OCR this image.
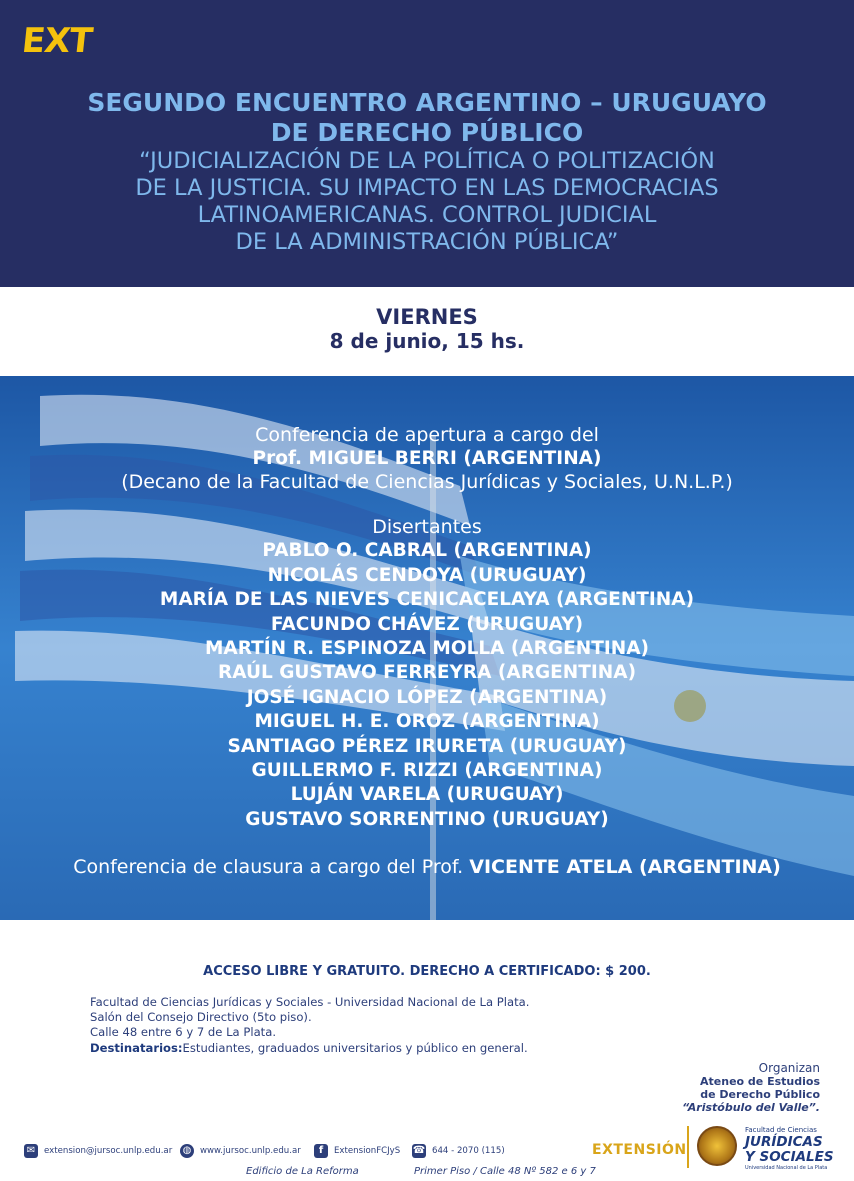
EXT
SEGUNDO ENCUENTRO ARGENTINO – URUGUAYO
DE DERECHO PÚBLICO
“JUDICIALIZACIÓN DE LA POLÍTICA O POLITIZACIÓN
DE LA JUSTICIA. SU IMPACTO EN LAS DEMOCRACIAS
LATINOAMERICANAS. CONTROL JUDICIAL
DE LA ADMINISTRACIÓN PÚBLICA”
VIERNES
8 de junio, 15 hs.
Conferencia de apertura a cargo del
Prof. MIGUEL BERRI (ARGENTINA)
(Decano de la Facultad de Ciencias Jurídicas y Sociales, U.N.L.P.)
Disertantes
PABLO O. CABRAL (ARGENTINA)
NICOLÁS CENDOYA (URUGUAY)
MARÍA DE LAS NIEVES CENICACELAYA (ARGENTINA)
FACUNDO CHÁVEZ (URUGUAY)
MARTÍN R. ESPINOZA MOLLA (ARGENTINA)
RAÚL GUSTAVO FERREYRA (ARGENTINA)
JOSÉ IGNACIO LÓPEZ (ARGENTINA)
MIGUEL H. E. OROZ (ARGENTINA)
SANTIAGO PÉREZ IRURETA (URUGUAY)
GUILLERMO F. RIZZI (ARGENTINA)
LUJÁN VARELA (URUGUAY)
GUSTAVO SORRENTINO (URUGUAY)
Conferencia de clausura a cargo del Prof. VICENTE ATELA (ARGENTINA)
ACCESO LIBRE Y GRATUITO. DERECHO A CERTIFICADO: $ 200.
Facultad de Ciencias Jurídicas y Sociales - Universidad Nacional de La Plata.
Salón del Consejo Directivo (5to piso).
Calle 48 entre 6 y 7 de La Plata.
Destinatarios:Estudiantes, graduados universitarios y público en general.
Organizan
Ateneo de Estudios
de Derecho Público
“Aristóbulo del Valle”.
✉	extension@jursoc.unlp.edu.ar ◍	www.jursoc.unlp.edu.ar	f	ExtensionFCJyS ☎ 644 - 2070 (115)
Edificio de La Reforma	Primer Piso / Calle 48 Nº 582 e 6 y 7
EXTENSIÓN
Facultad de Ciencias
JURÍDICAS
Y SOCIALES
Universidad Nacional de La Plata
